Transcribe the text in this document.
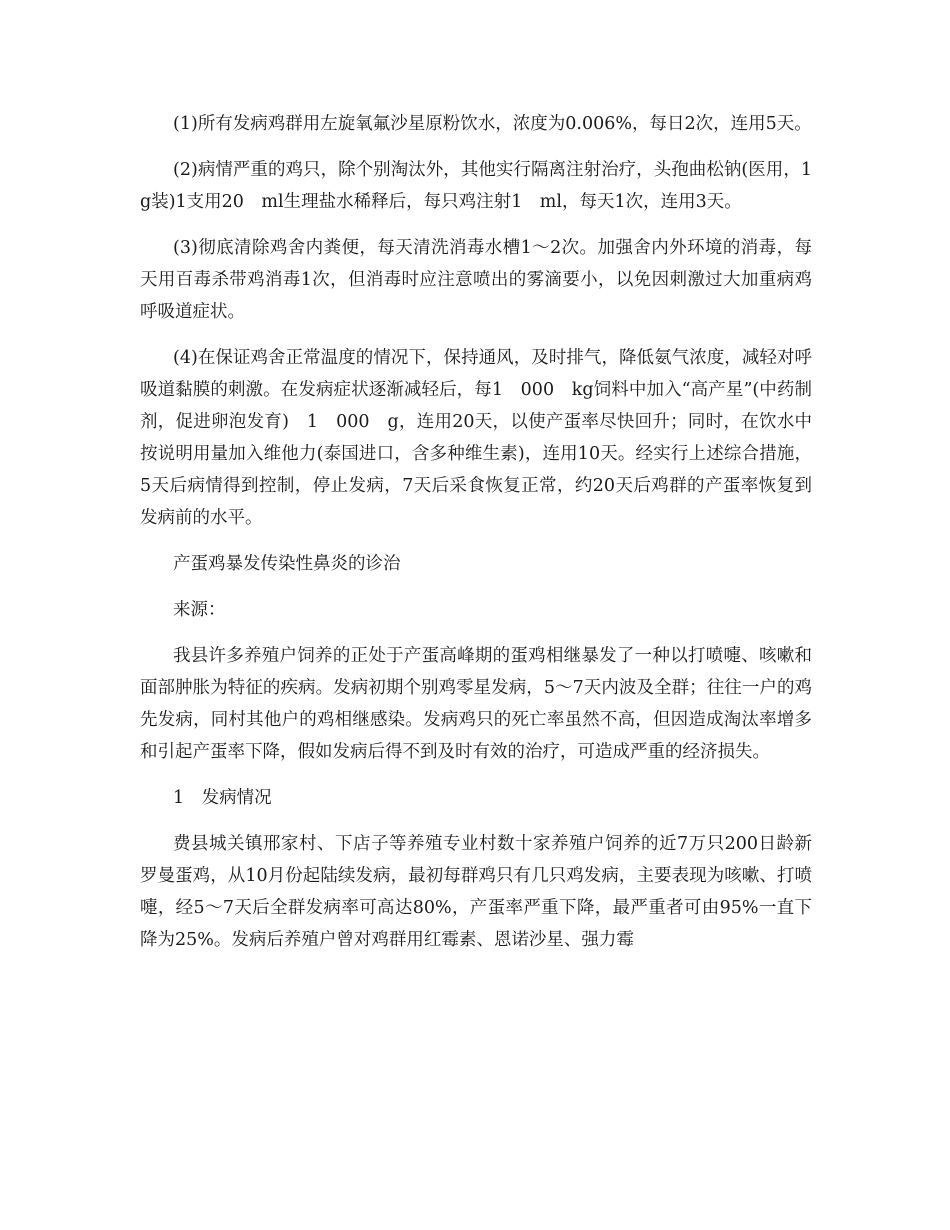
(1)所有发病鸡群用左旋氧氟沙星原粉饮水，浓度为0.006%，每日2次，连用5天。

(2)病情严重的鸡只，除个别淘汰外，其他实行隔离注射治疗，头孢曲松钠(医用，1　g装)1支用20　ml生理盐水稀释后，每只鸡注射1　ml，每天1次，连用3天。

(3)彻底清除鸡舍内粪便，每天清洗消毒水槽1～2次。加强舍内外环境的消毒，每天用百毒杀带鸡消毒1次，但消毒时应注意喷出的雾滴要小，以免因刺激过大加重病鸡呼吸道症状。

(4)在保证鸡舍正常温度的情况下，保持通风，及时排气，降低氨气浓度，减轻对呼吸道黏膜的刺激。在发病症状逐渐减轻后，每1　000　kg饲料中加入“高产星”(中药制剂，促进卵泡发育)　1　000　g，连用20天，以使产蛋率尽快回升；同时，在饮水中按说明用量加入维他力(泰国进口，含多种维生素)，连用10天。经实行上述综合措施，5天后病情得到控制，停止发病，7天后采食恢复正常，约20天后鸡群的产蛋率恢复到发病前的水平。

产蛋鸡暴发传染性鼻炎的诊治

来源：

我县许多养殖户饲养的正处于产蛋高峰期的蛋鸡相继暴发了一种以打喷嚏、咳嗽和面部肿胀为特征的疾病。发病初期个别鸡零星发病，5～7天内波及全群；往往一户的鸡先发病，同村其他户的鸡相继感染。发病鸡只的死亡率虽然不高，但因造成淘汰率增多和引起产蛋率下降，假如发病后得不到及时有效的治疗，可造成严重的经济损失。

1　发病情况

费县城关镇邢家村、下店子等养殖专业村数十家养殖户饲养的近7万只200日龄新罗曼蛋鸡，从10月份起陆续发病，最初每群鸡只有几只鸡发病，主要表现为咳嗽、打喷嚏，经5～7天后全群发病率可高达80%，产蛋率严重下降，最严重者可由95%一直下降为25%。发病后养殖户曾对鸡群用红霉素、恩诺沙星、强力霉
